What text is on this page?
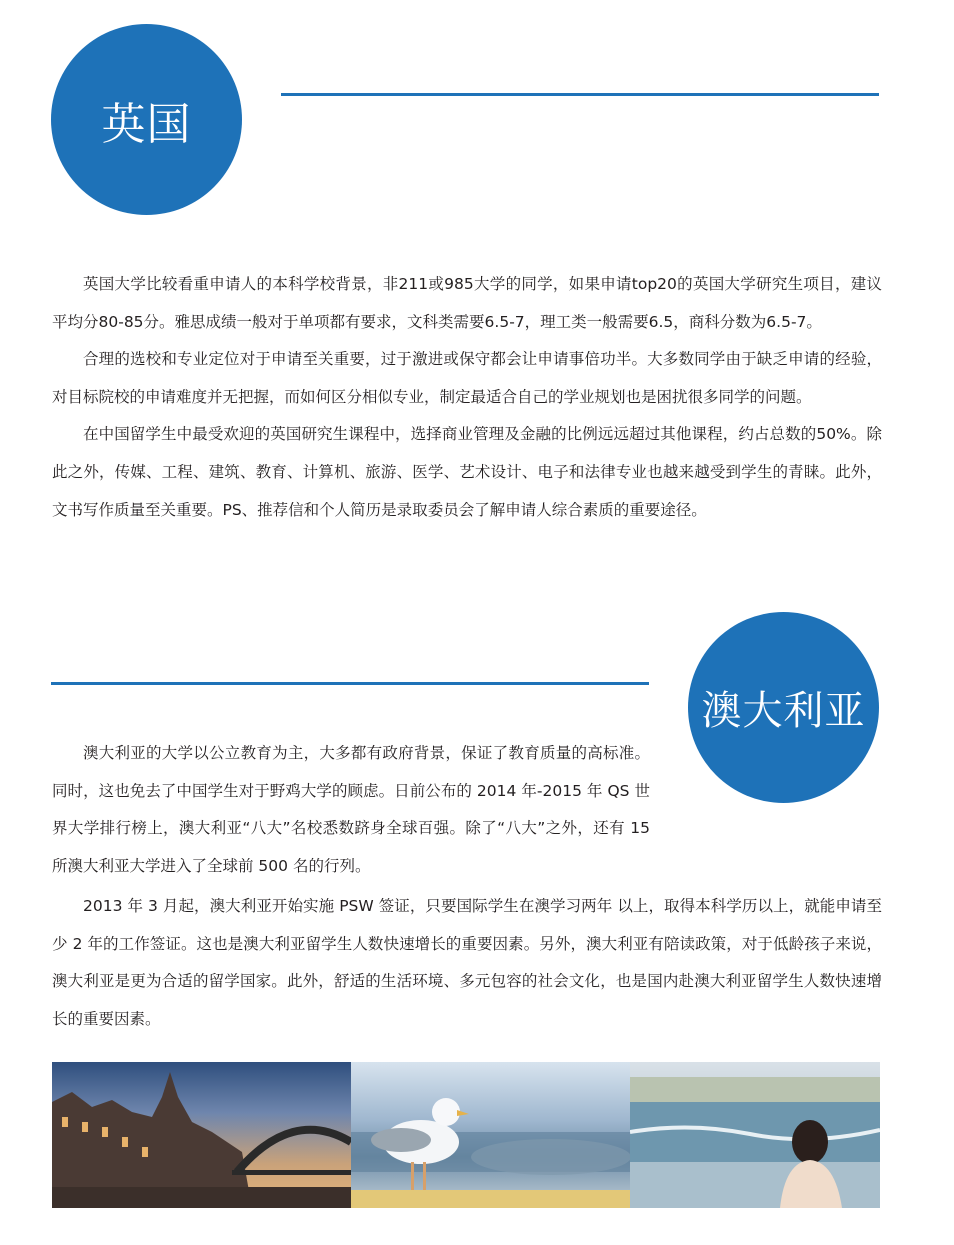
英国

英国大学比较看重申请人的本科学校背景，非211或985大学的同学，如果申请top20的英国大学研究生项目，建议平均分80-85分。雅思成绩一般对于单项都有要求，文科类需要6.5-7，理工类一般需要6.5，商科分数为6.5-7。

合理的选校和专业定位对于申请至关重要，过于激进或保守都会让申请事倍功半。大多数同学由于缺乏申请的经验，对目标院校的申请难度并无把握，而如何区分相似专业，制定最适合自己的学业规划也是困扰很多同学的问题。

在中国留学生中最受欢迎的英国研究生课程中，选择商业管理及金融的比例远远超过其他课程，约占总数的50%。除此之外，传媒、工程、建筑、教育、计算机、旅游、医学、艺术设计、电子和法律专业也越来越受到学生的青睐。此外，文书写作质量至关重要。PS、推荐信和个人简历是录取委员会了解申请人综合素质的重要途径。

澳大利亚

澳大利亚的大学以公立教育为主，大多都有政府背景，保证了教育质量的高标准。同时，这也免去了中国学生对于野鸡大学的顾虑。日前公布的 2014 年-2015 年 QS 世界大学排行榜上，澳大利亚“八大”名校悉数跻身全球百强。除了“八大”之外，还有 15 所澳大利亚大学进入了全球前 500 名的行列。

2013 年 3 月起，澳大利亚开始实施 PSW 签证，只要国际学生在澳学习两年 以上，取得本科学历以上，就能申请至少 2 年的工作签证。这也是澳大利亚留学生人数快速增长的重要因素。另外，澳大利亚有陪读政策，对于低龄孩子来说，澳大利亚是更为合适的留学国家。此外，舒适的生活环境、多元包容的社会文化，也是国内赴澳大利亚留学生人数快速增长的重要因素。
